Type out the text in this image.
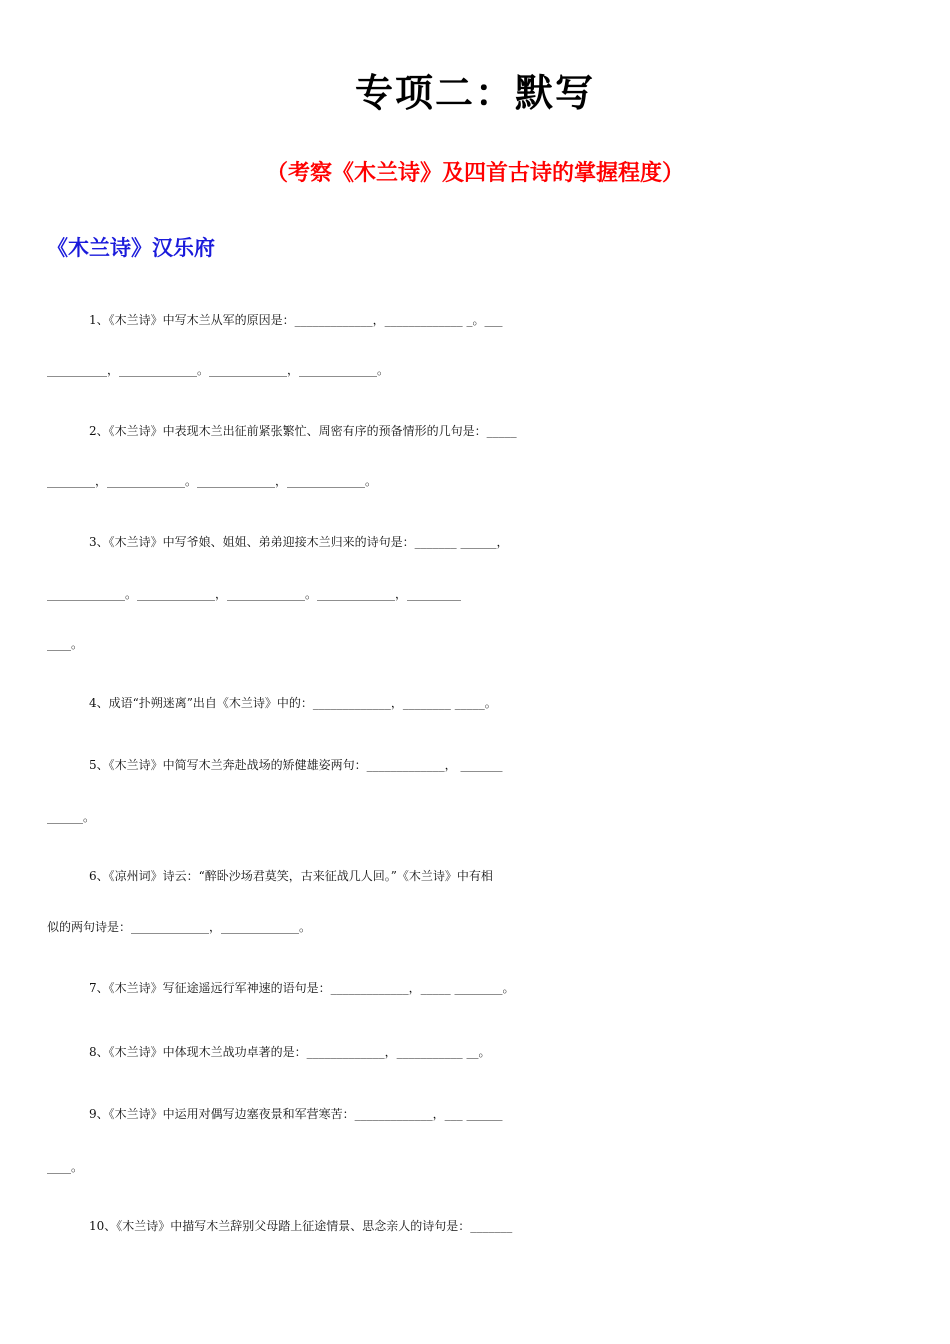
专项二：默写
（考察《木兰诗》及四首古诗的掌握程度）
《木兰诗》汉乐府
1、《木兰诗》中写木兰从军的原因是：_____________，_____________ _。___
__________，_____________。_____________，_____________。
2、《木兰诗》中表现木兰出征前紧张繁忙、周密有序的预备情形的几句是：_____
________，_____________。_____________，_____________。
3、《木兰诗》中写爷娘、姐姐、弟弟迎接木兰归来的诗句是：_______ ______，
_____________。_____________，_____________。_____________，_________
____。
4、成语“扑朔迷离”出自《木兰诗》中的：_____________，________ _____。
5、《木兰诗》中简写木兰奔赴战场的矫健雄姿两句：_____________， _______
______。
6、《凉州词》诗云：“醉卧沙场君莫笑，古来征战几人回。”《木兰诗》中有相
似的两句诗是：_____________，_____________。
7、《木兰诗》写征途遥远行军神速的语句是：_____________，_____ ________。
8、《木兰诗》中体现木兰战功卓著的是：_____________，___________ __。
9、《木兰诗》中运用对偶写边塞夜景和军营寒苦：_____________，___ ______
____。
10、《木兰诗》中描写木兰辞别父母踏上征途情景、思念亲人的诗句是：_______
